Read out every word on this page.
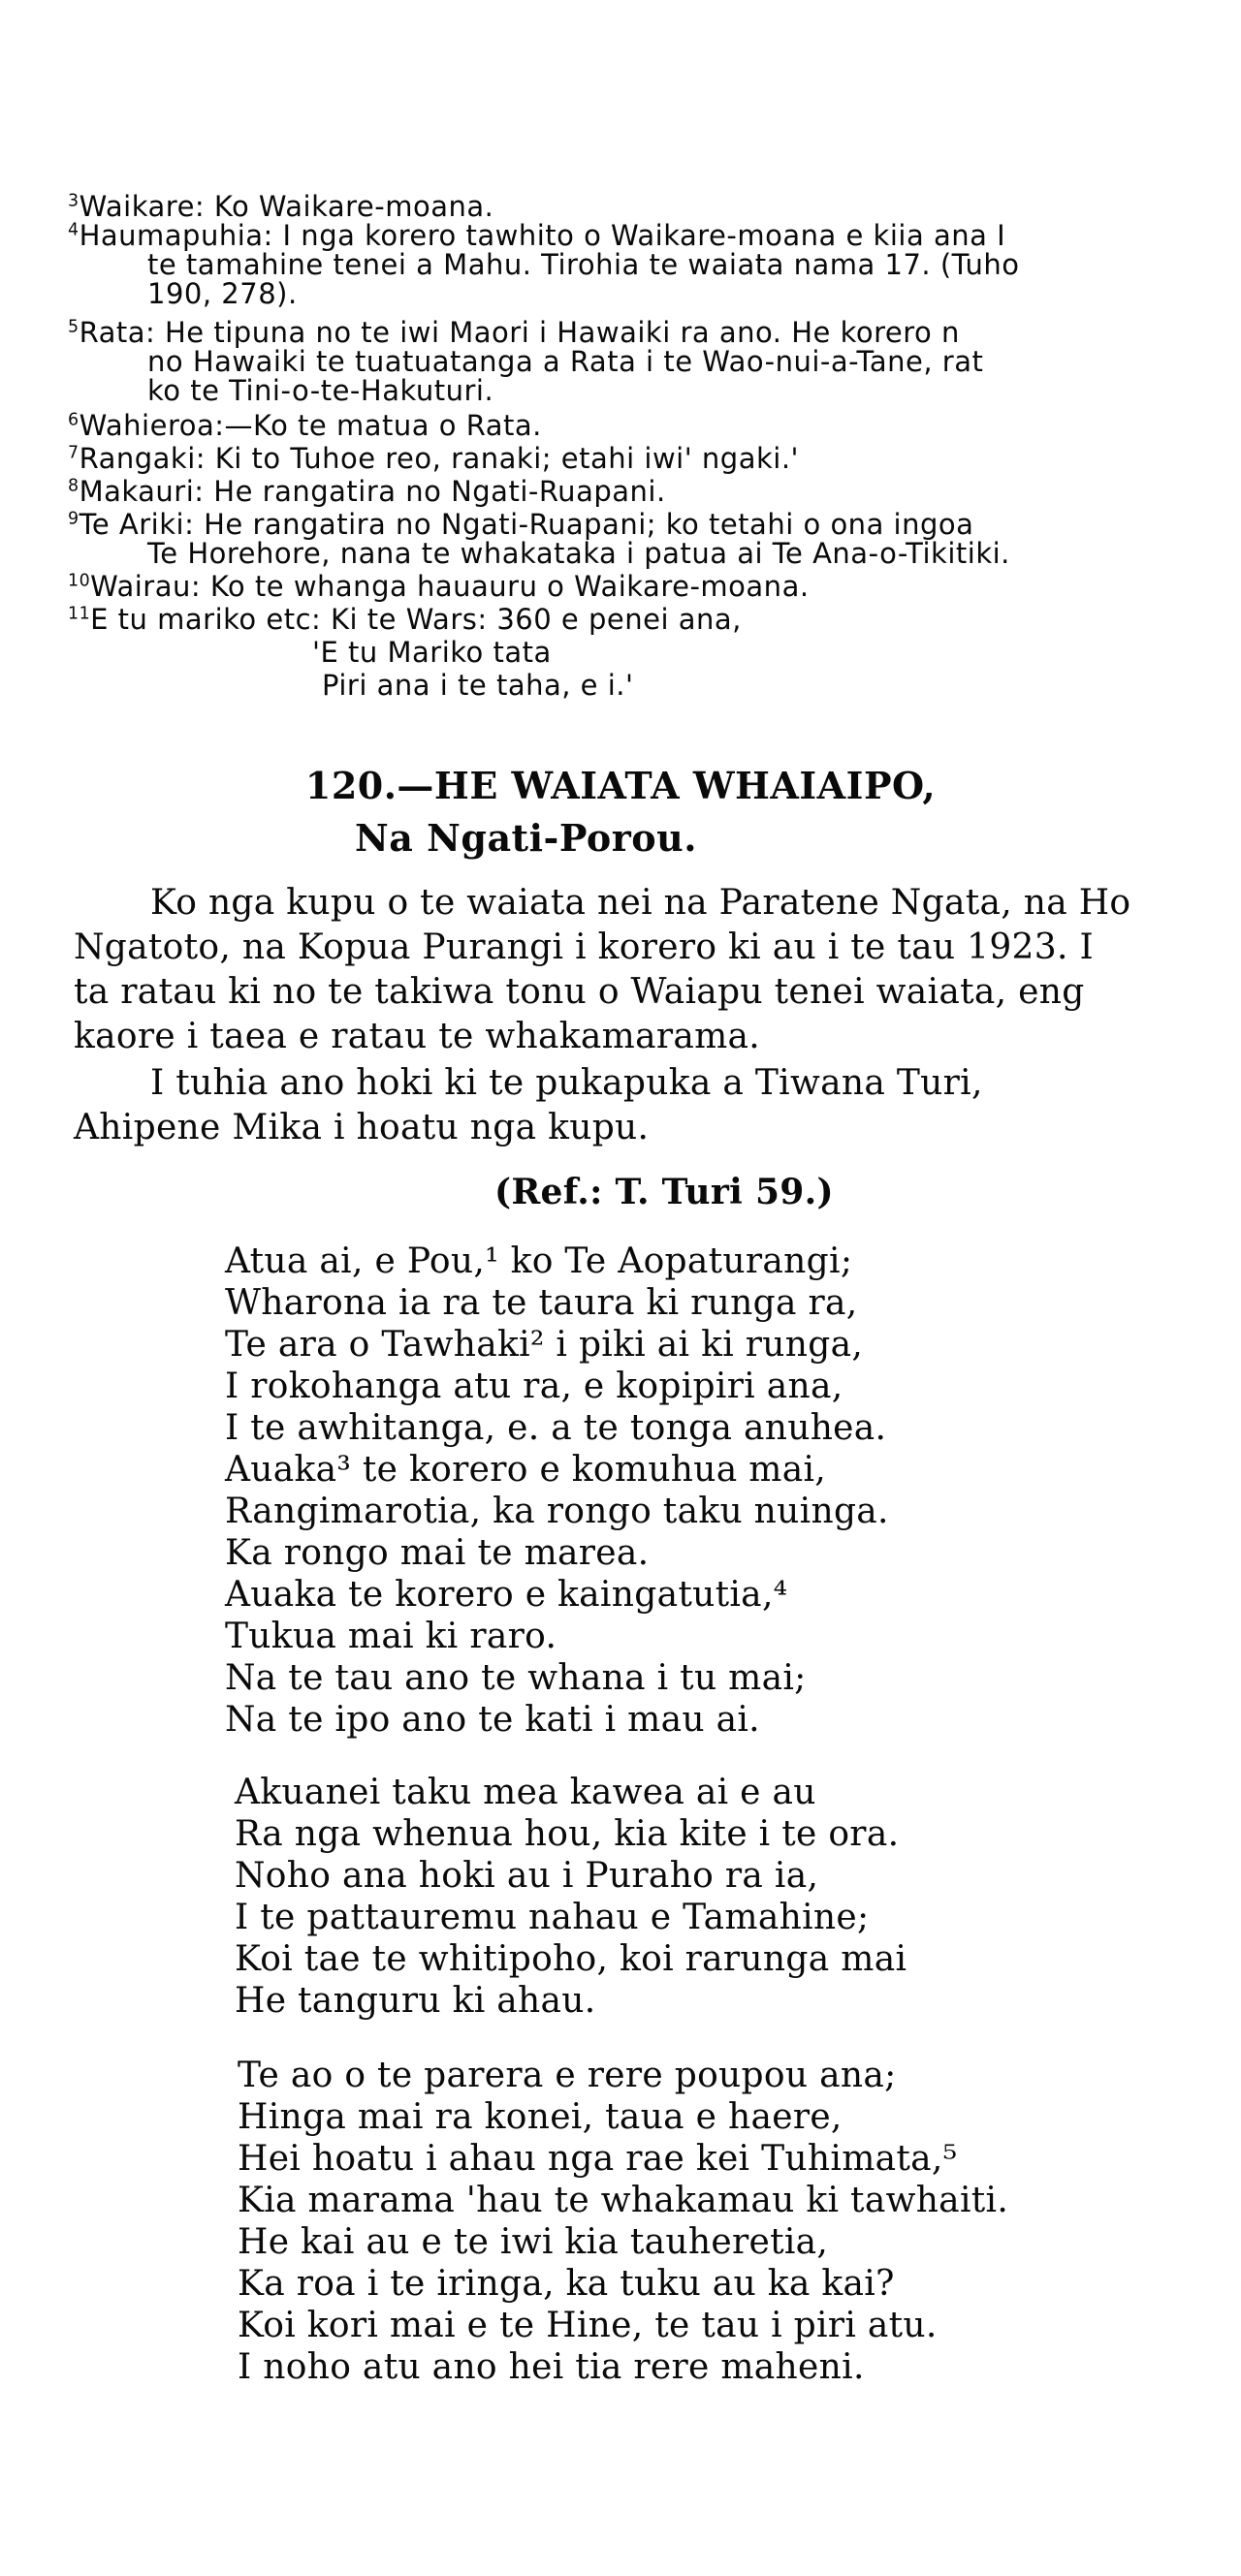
$^3$Waikare: Ko Waikare-moana.
$^4$Haumapuhia: I nga korero tawhito o Waikare-moana e kiia ana I
te tamahine tenei a Mahu. Tirohia te waiata nama 17. (Tuho
190, 278).
$^5$Rata: He tipuna no te iwi Maori i Hawaiki ra ano. He korero n
no Hawaiki te tuatuatanga a Rata i te Wao-nui-a-Tane, rat
ko te Tini-o-te-Hakuturi.
$^6$Wahieroa:—Ko te matua o Rata.
$^7$Rangaki: Ki to Tuhoe reo, ranaki; etahi iwi' ngaki.'
$^8$Makauri: He rangatira no Ngati-Ruapani.
$^9$Te Ariki: He rangatira no Ngati-Ruapani; ko tetahi o ona ingoa
Te Horehore, nana te whakataka i patua ai Te Ana-o-Tikitiki.
$^{10}$Wairau: Ko te whanga hauauru o Waikare-moana.
$^{11}$E tu mariko etc: Ki te Wars: 360 e penei ana,
'E tu Mariko tata
Piri ana i te taha, e i.'
120.—HE WAIATA WHAIAIPO,
Na Ngati-Porou.
Ko nga kupu o te waiata nei na Paratene Ngata, na Ho
Ngatoto, na Kopua Purangi i korero ki au i te tau 1923. I
ta ratau ki no te takiwa tonu o Waiapu tenei waiata, eng
kaore i taea e ratau te whakamarama.
I tuhia ano hoki ki te pukapuka a Tiwana Turi,
Ahipene Mika i hoatu nga kupu.
(Ref.: T. Turi 59.)
Atua ai, e Pou,¹ ko Te Aopaturangi;
Wharona ia ra te taura ki runga ra,
Te ara o Tawhaki² i piki ai ki runga,
I rokohanga atu ra, e kopipiri ana,
I te awhitanga, e. a te tonga anuhea.
Auaka³ te korero e komuhua mai,
Rangimarotia, ka rongo taku nuinga.
Ka rongo mai te marea.
Auaka te korero e kaingatutia,⁴
Tukua mai ki raro.
Na te tau ano te whana i tu mai;
Na te ipo ano te kati i mau ai.
Akuanei taku mea kawea ai e au
Ra nga whenua hou, kia kite i te ora.
Noho ana hoki au i Puraho ra ia,
I te pattauremu nahau e Tamahine;
Koi tae te whitipoho, koi rarunga mai
He tanguru ki ahau.
Te ao o te parera e rere poupou ana;
Hinga mai ra konei, taua e haere,
Hei hoatu i ahau nga rae kei Tuhimata,⁵
Kia marama 'hau te whakamau ki tawhaiti.
He kai au e te iwi kia tauheretia,
Ka roa i te iringa, ka tuku au ka kai?
Koi kori mai e te Hine, te tau i piri atu.
I noho atu ano hei tia rere maheni.
